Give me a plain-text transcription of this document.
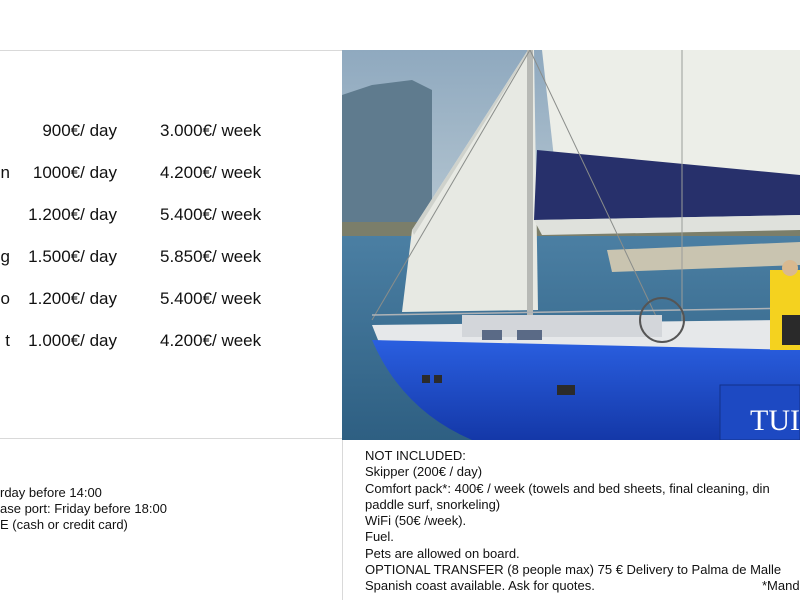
900€/ day	3.000€/ week
n	1000€/ day	4.200€/ week
1.200€/ day	5.400€/ week
g	1.500€/ day	5.850€/ week
o	1.200€/ day	5.400€/ week
t	1.000€/ day	4.200€/ week
rday before 14:00
ase port: Friday before 18:00
E (cash or credit card)
TUI
NOT INCLUDED:
Skipper (200€ / day)
Comfort pack*: 400€ / week (towels and bed sheets, final cleaning, din
paddle surf, snorkeling)
WiFi (50€ /week).
Fuel.
Pets are allowed on board.
OPTIONAL TRANSFER (8 people max) 75 € Delivery to Palma de Malle
Spanish coast available. Ask for quotes.	*Mand
